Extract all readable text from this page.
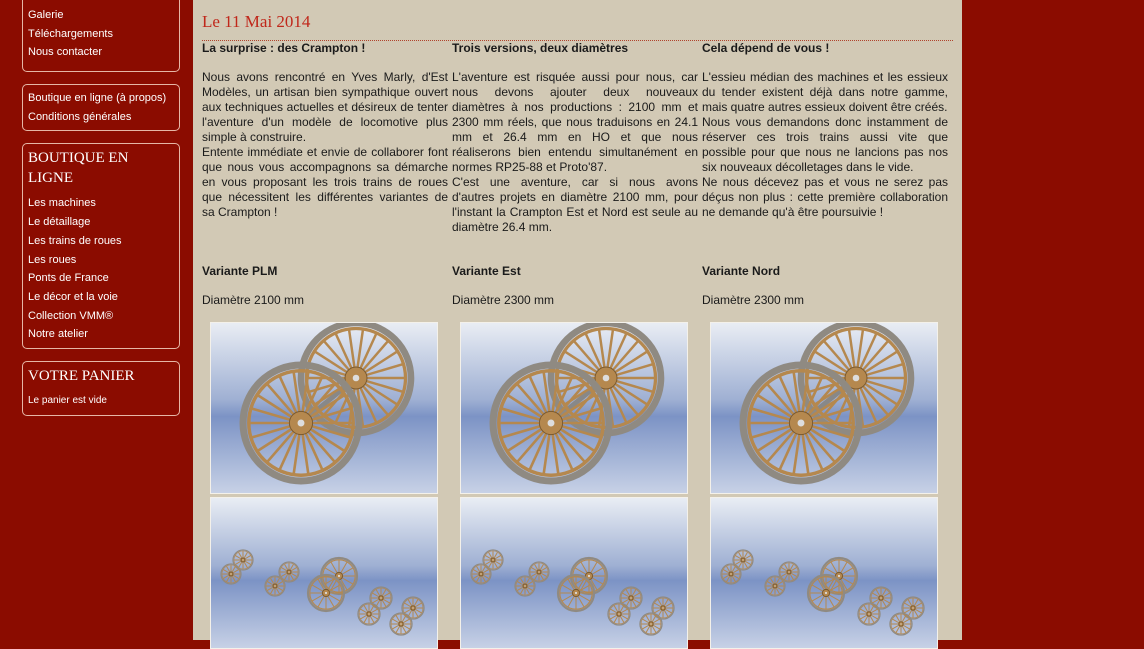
Galerie
Téléchargements
Nous contacter
Boutique en ligne (à propos)
Conditions générales
BOUTIQUE EN LIGNE
Les machines
Le détaillage
Les trains de roues
Les roues
Ponts de France
Le décor et la voie
Collection VMM®
Notre atelier
VOTRE PANIER
Le panier est vide
Le 11 Mai 2014
La surprise : des Crampton !

Nous avons rencontré en Yves Marly, d'Est Modèles, un artisan bien sympathique ouvert aux techniques actuelles et désireux de tenter l'aventure d'un modèle de locomotive plus simple à construire.

Entente immédiate et envie de collaborer font que nous vous accompagnons sa démarche en vous proposant les trois trains de roues que nécessitent les différentes variantes de sa Crampton !

Trois versions, deux diamètres

L'aventure est risquée aussi pour nous, car nous devons ajouter deux nouveaux diamètres à nos productions : 2100 mm et 2300 mm réels, que nous traduisons en 24.1 mm et 26.4 mm en HO et que nous réaliserons bien entendu simultanément en normes RP25-88 et Proto'87.

C'est une aventure, car si nous avons d'autres projets en diamètre 2100 mm, pour l'instant la Crampton Est et Nord est seule au diamètre 26.4 mm.

Cela dépend de vous !

L'essieu médian des machines et les essieux du tender existent déjà dans notre gamme, mais quatre autres essieux doivent être créés.

Nous vous demandons donc instamment de réserver ces trois trains aussi vite que possible pour que nous ne lancions pas nos six nouveaux décolletages dans le vide.

Ne nous décevez pas et vous ne serez pas déçus non plus : cette première collaboration ne demande qu'à être poursuivie !

Variante PLM	Variante Est	Variante Nord
Diamètre 2100 mm	Diamètre 2300 mm	Diamètre 2300 mm
